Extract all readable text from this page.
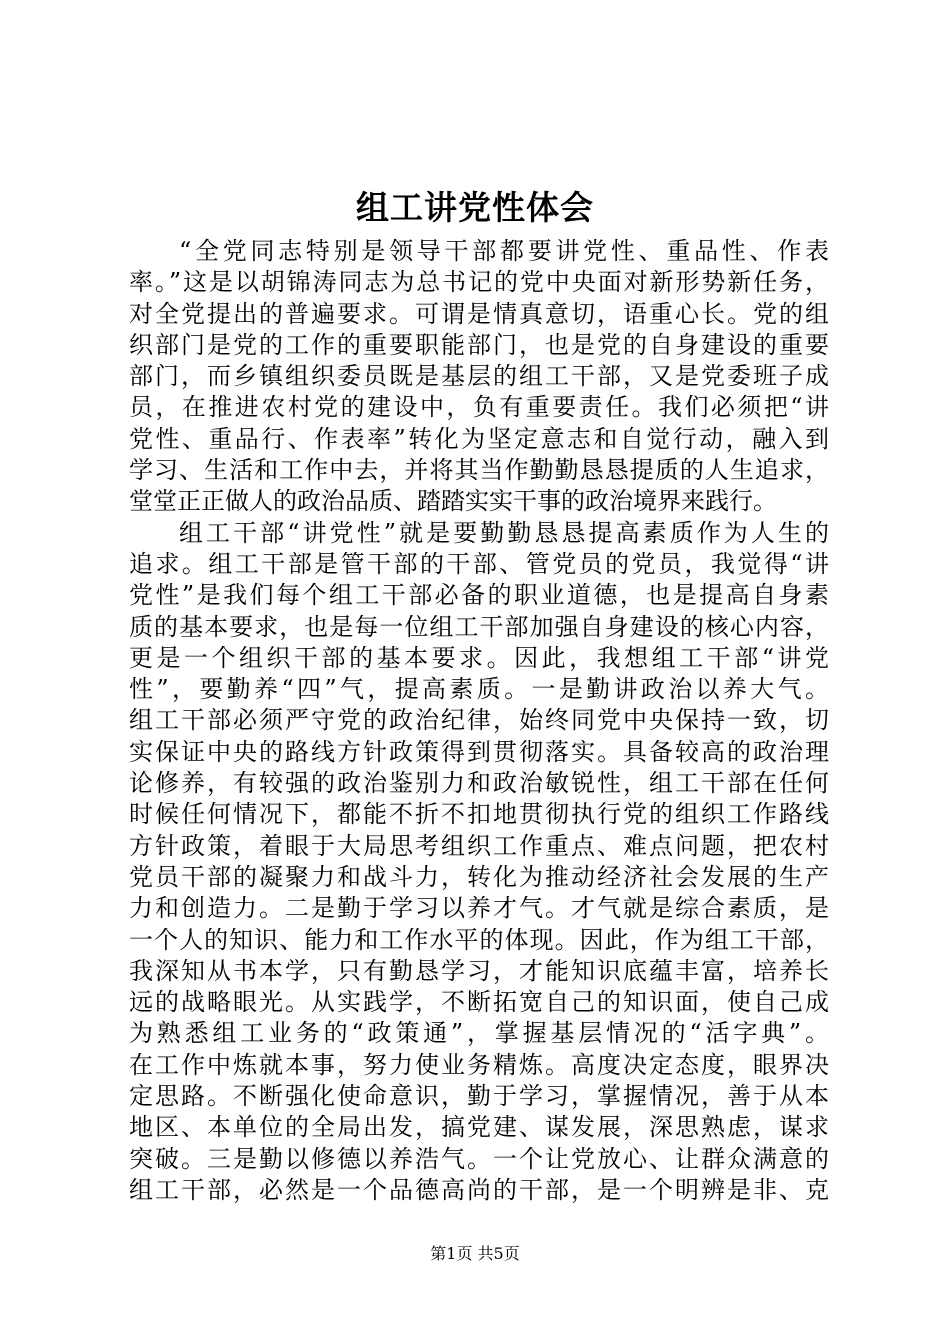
组工讲党性体会
“全党同志特别是领导干部都要讲党性、重品性、作表
率。”这是以胡锦涛同志为总书记的党中央面对新形势新任务，
对全党提出的普遍要求。可谓是情真意切，语重心长。党的组
织部门是党的工作的重要职能部门，也是党的自身建设的重要
部门，而乡镇组织委员既是基层的组工干部，又是党委班子成
员，在推进农村党的建设中，负有重要责任。我们必须把“讲
党性、重品行、作表率”转化为坚定意志和自觉行动，融入到
学习、生活和工作中去，并将其当作勤勤恳恳提质的人生追求，
堂堂正正做人的政治品质、踏踏实实干事的政治境界来践行。
组工干部“讲党性”就是要勤勤恳恳提高素质作为人生的
追求。组工干部是管干部的干部、管党员的党员，我觉得“讲
党性”是我们每个组工干部必备的职业道德，也是提高自身素
质的基本要求，也是每一位组工干部加强自身建设的核心内容，
更是一个组织干部的基本要求。因此，我想组工干部“讲党
性”，要勤养“四”气，提高素质。一是勤讲政治以养大气。
组工干部必须严守党的政治纪律，始终同党中央保持一致，切
实保证中央的路线方针政策得到贯彻落实。具备较高的政治理
论修养，有较强的政治鉴别力和政治敏锐性，组工干部在任何
时候任何情况下，都能不折不扣地贯彻执行党的组织工作路线
方针政策，着眼于大局思考组织工作重点、难点问题，把农村
党员干部的凝聚力和战斗力，转化为推动经济社会发展的生产
力和创造力。二是勤于学习以养才气。才气就是综合素质，是
一个人的知识、能力和工作水平的体现。因此，作为组工干部，
我深知从书本学，只有勤恳学习，才能知识底蕴丰富，培养长
远的战略眼光。从实践学，不断拓宽自己的知识面，使自己成
为熟悉组工业务的“政策通”，掌握基层情况的“活字典”。
在工作中炼就本事，努力使业务精炼。高度决定态度，眼界决
定思路。不断强化使命意识，勤于学习，掌握情况，善于从本
地区、本单位的全局出发，搞党建、谋发展，深思熟虑，谋求
突破。三是勤以修德以养浩气。一个让党放心、让群众满意的
组工干部，必然是一个品德高尚的干部，是一个明辨是非、克
第1页 共5页
